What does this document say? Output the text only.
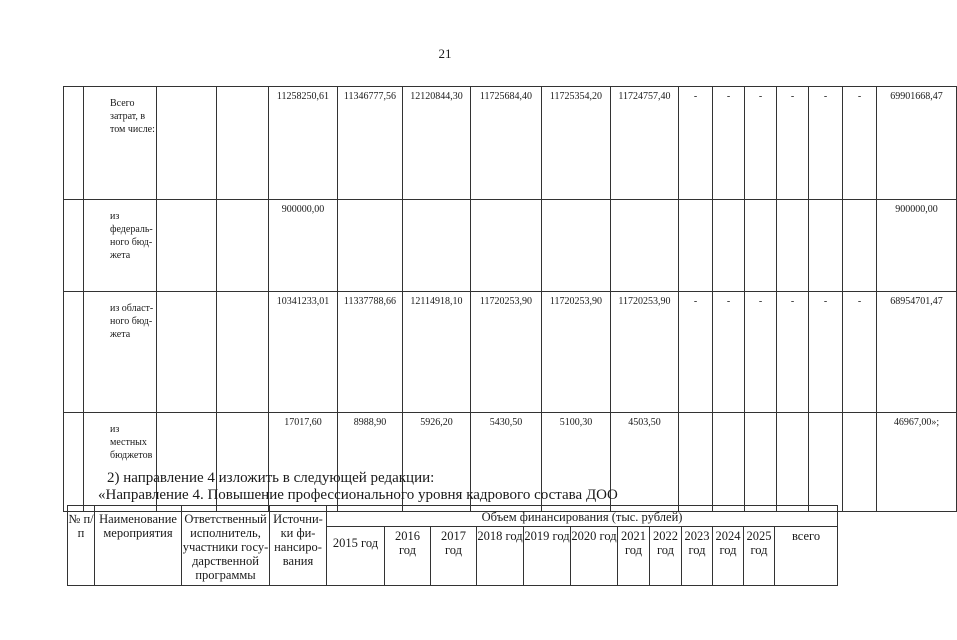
21
	Всего затрат, в том числе:			11258250,61	11346777,56	12120844,30	11725684,40	11725354,20	11724757,40	-	-	-	-	-	-	69901668,47
	из федераль-ного бюд-жета			900000,00												900000,00
	из област-ного бюд-жета			10341233,01	11337788,66	12114918,10	11720253,90	11720253,90	11720253,90	-	-	-	-	-	-	68954701,47
	из местных бюджетов			17017,60	8988,90	5926,20	5430,50	5100,30	4503,50							46967,00»;
2) направление 4 изложить в следующей редакции:
«Направление 4. Повышение профессионального уровня кадрового состава ДОО
№ п/п	Наименование мероприятия	Ответственный исполнитель, участники госу-дарственной программы	Источни-ки фи-нансиро-вания	Объем финансирования (тыс. рублей)											
				2015 год	2016 год	2017 год	2018 год	2019 год	2020 год	2021 год	2022 год	2023 год	2024 год	2025 год	всего
